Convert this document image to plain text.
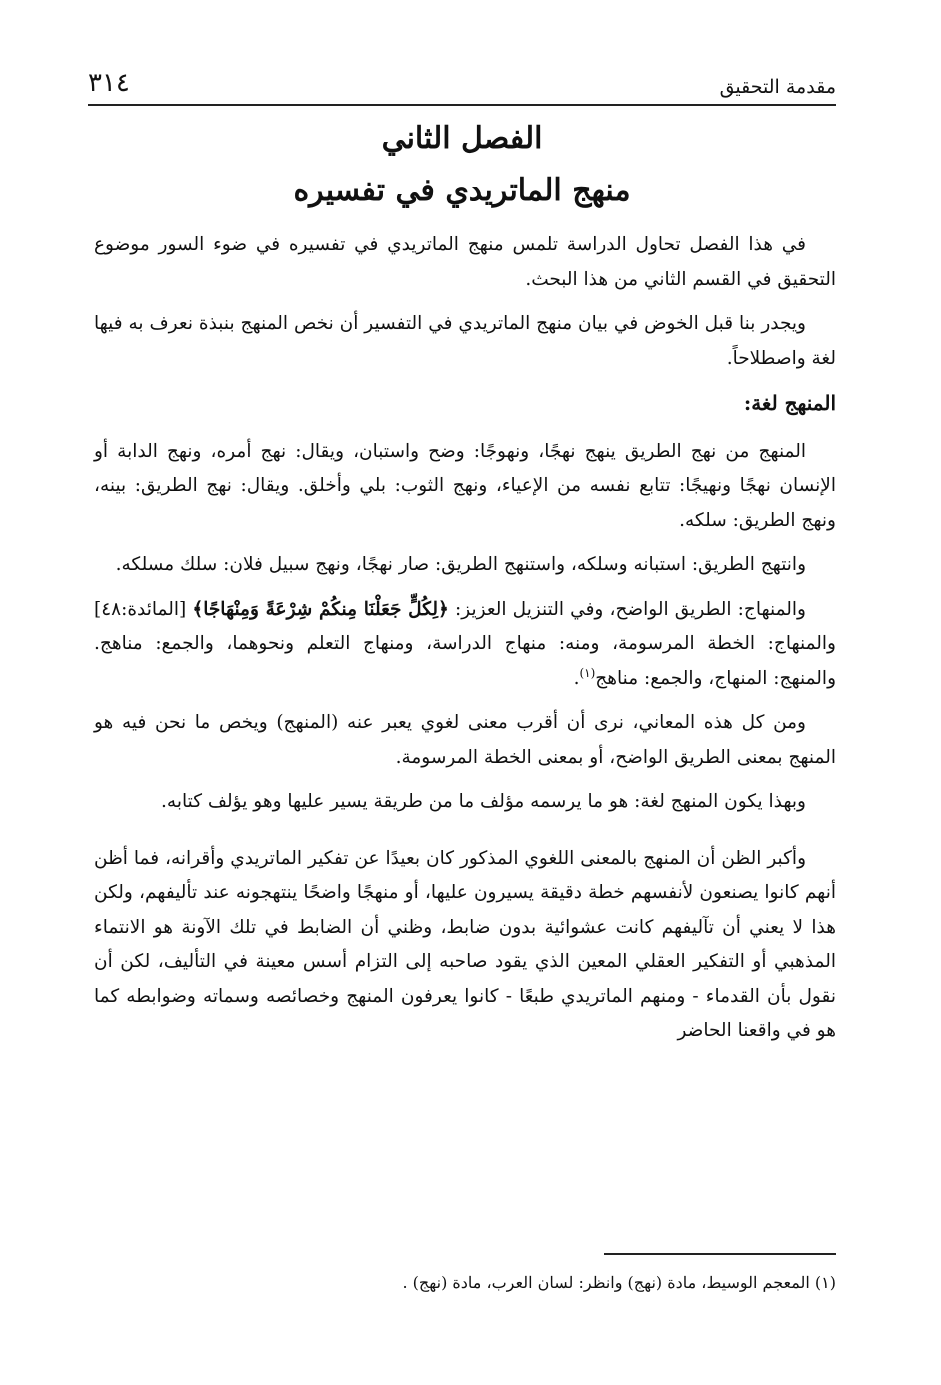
مقدمة التحقيق
٣١٤
الفصل الثاني
منهج الماتريدي في تفسيره

في هذا الفصل تحاول الدراسة تلمس منهج الماتريدي في تفسيره في ضوء السور موضوع التحقيق في القسم الثاني من هذا البحث.

ويجدر بنا قبل الخوض في بيان منهج الماتريدي في التفسير أن نخص المنهج بنبذة نعرف به فيها لغة واصطلاحاً.

المنهج لغة:

المنهج من نهج الطريق ينهج نهجًا، ونهوجًا: وضح واستبان، ويقال: نهج أمره، ونهج الدابة أو الإنسان نهجًا ونهيجًا: تتابع نفسه من الإعياء، ونهج الثوب: بلي وأخلق. ويقال: نهج الطريق: بينه، ونهج الطريق: سلكه.

وانتهج الطريق: استبانه وسلكه، واستنهج الطريق: صار نهجًا، ونهج سبيل فلان: سلك مسلكه.

والمنهاج: الطريق الواضح، وفي التنزيل العزيز: ﴿لِكُلٍّ جَعَلْنَا مِنكُمْ شِرْعَةً وَمِنْهَاجًا﴾ [المائدة:٤٨] والمنهاج: الخطة المرسومة، ومنه: منهاج الدراسة، ومنهاج التعلم ونحوهما، والجمع: مناهج. والمنهج: المنهاج، والجمع: مناهج$^{(١)}$.

ومن كل هذه المعاني، نرى أن أقرب معنى لغوي يعبر عنه (المنهج) ويخص ما نحن فيه هو المنهج بمعنى الطريق الواضح، أو بمعنى الخطة المرسومة.

وبهذا يكون المنهج لغة: هو ما يرسمه مؤلف ما من طريقة يسير عليها وهو يؤلف كتابه.

وأكبر الظن أن المنهج بالمعنى اللغوي المذكور كان بعيدًا عن تفكير الماتريدي وأقرانه، فما أظن أنهم كانوا يصنعون لأنفسهم خطة دقيقة يسيرون عليها، أو منهجًا واضحًا ينتهجونه عند تأليفهم، ولكن هذا لا يعني أن تآليفهم كانت عشوائية بدون ضابط، وظني أن الضابط في تلك الآونة هو الانتماء المذهبي أو التفكير العقلي المعين الذي يقود صاحبه إلى التزام أسس معينة في التأليف، لكن أن نقول بأن القدماء - ومنهم الماتريدي طبعًا - كانوا يعرفون المنهج وخصائصه وسماته وضوابطه كما هو في واقعنا الحاضر

(١) المعجم الوسيط، مادة (نهج) وانظر: لسان العرب، مادة (نهج) .
